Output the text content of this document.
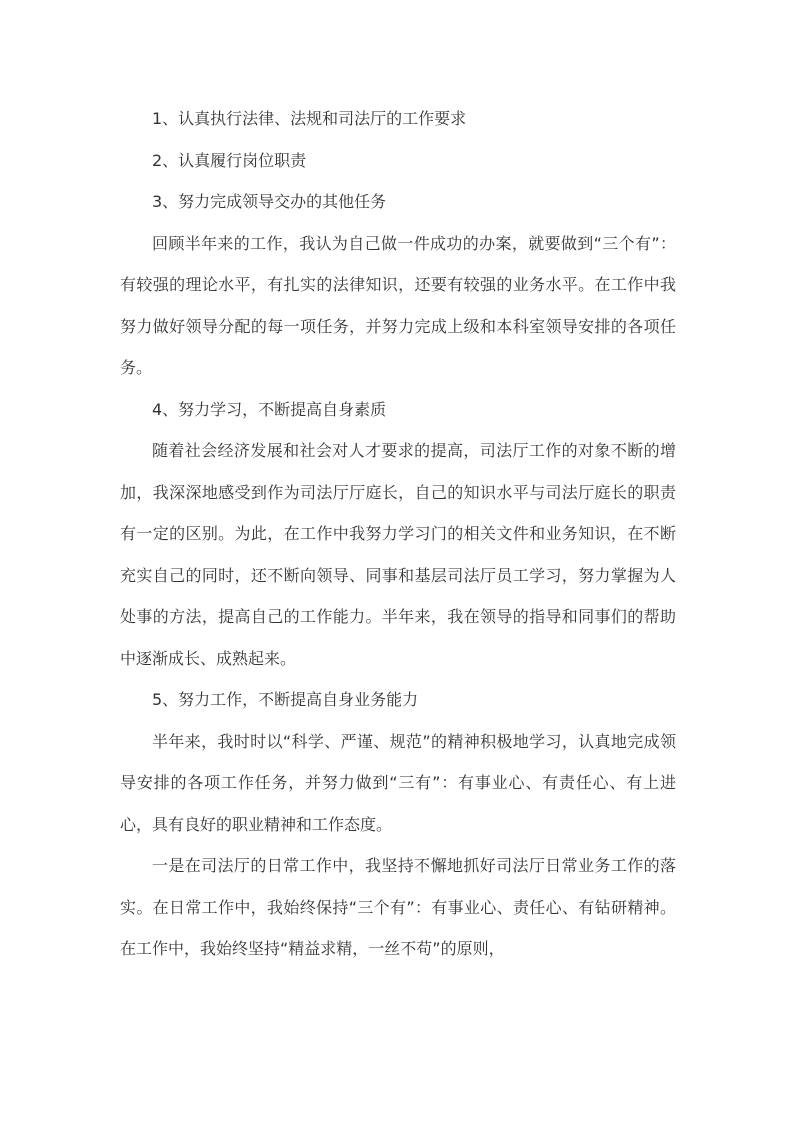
1、认真执行法律、法规和司法厅的工作要求

2、认真履行岗位职责

3、努力完成领导交办的其他任务

回顾半年来的工作，我认为自己做一件成功的办案，就要做到“三个有”：有较强的理论水平，有扎实的法律知识，还要有较强的业务水平。在工作中我努力做好领导分配的每一项任务，并努力完成上级和本科室领导安排的各项任务。

4、努力学习，不断提高自身素质

随着社会经济发展和社会对人才要求的提高，司法厅工作的对象不断的增加，我深深地感受到作为司法厅厅庭长，自己的知识水平与司法厅庭长的职责有一定的区别。为此，在工作中我努力学习门的相关文件和业务知识，在不断充实自己的同时，还不断向领导、同事和基层司法厅员工学习，努力掌握为人处事的方法，提高自己的工作能力。半年来，我在领导的指导和同事们的帮助中逐渐成长、成熟起来。

5、努力工作，不断提高自身业务能力

半年来，我时时以“科学、严谨、规范”的精神积极地学习，认真地完成领导安排的各项工作任务，并努力做到“三有”：有事业心、有责任心、有上进心，具有良好的职业精神和工作态度。

一是在司法厅的日常工作中，我坚持不懈地抓好司法厅日常业务工作的落实。在日常工作中，我始终保持“三个有”：有事业心、责任心、有钻研精神。在工作中，我始终坚持“精益求精，一丝不苟”的原则，
